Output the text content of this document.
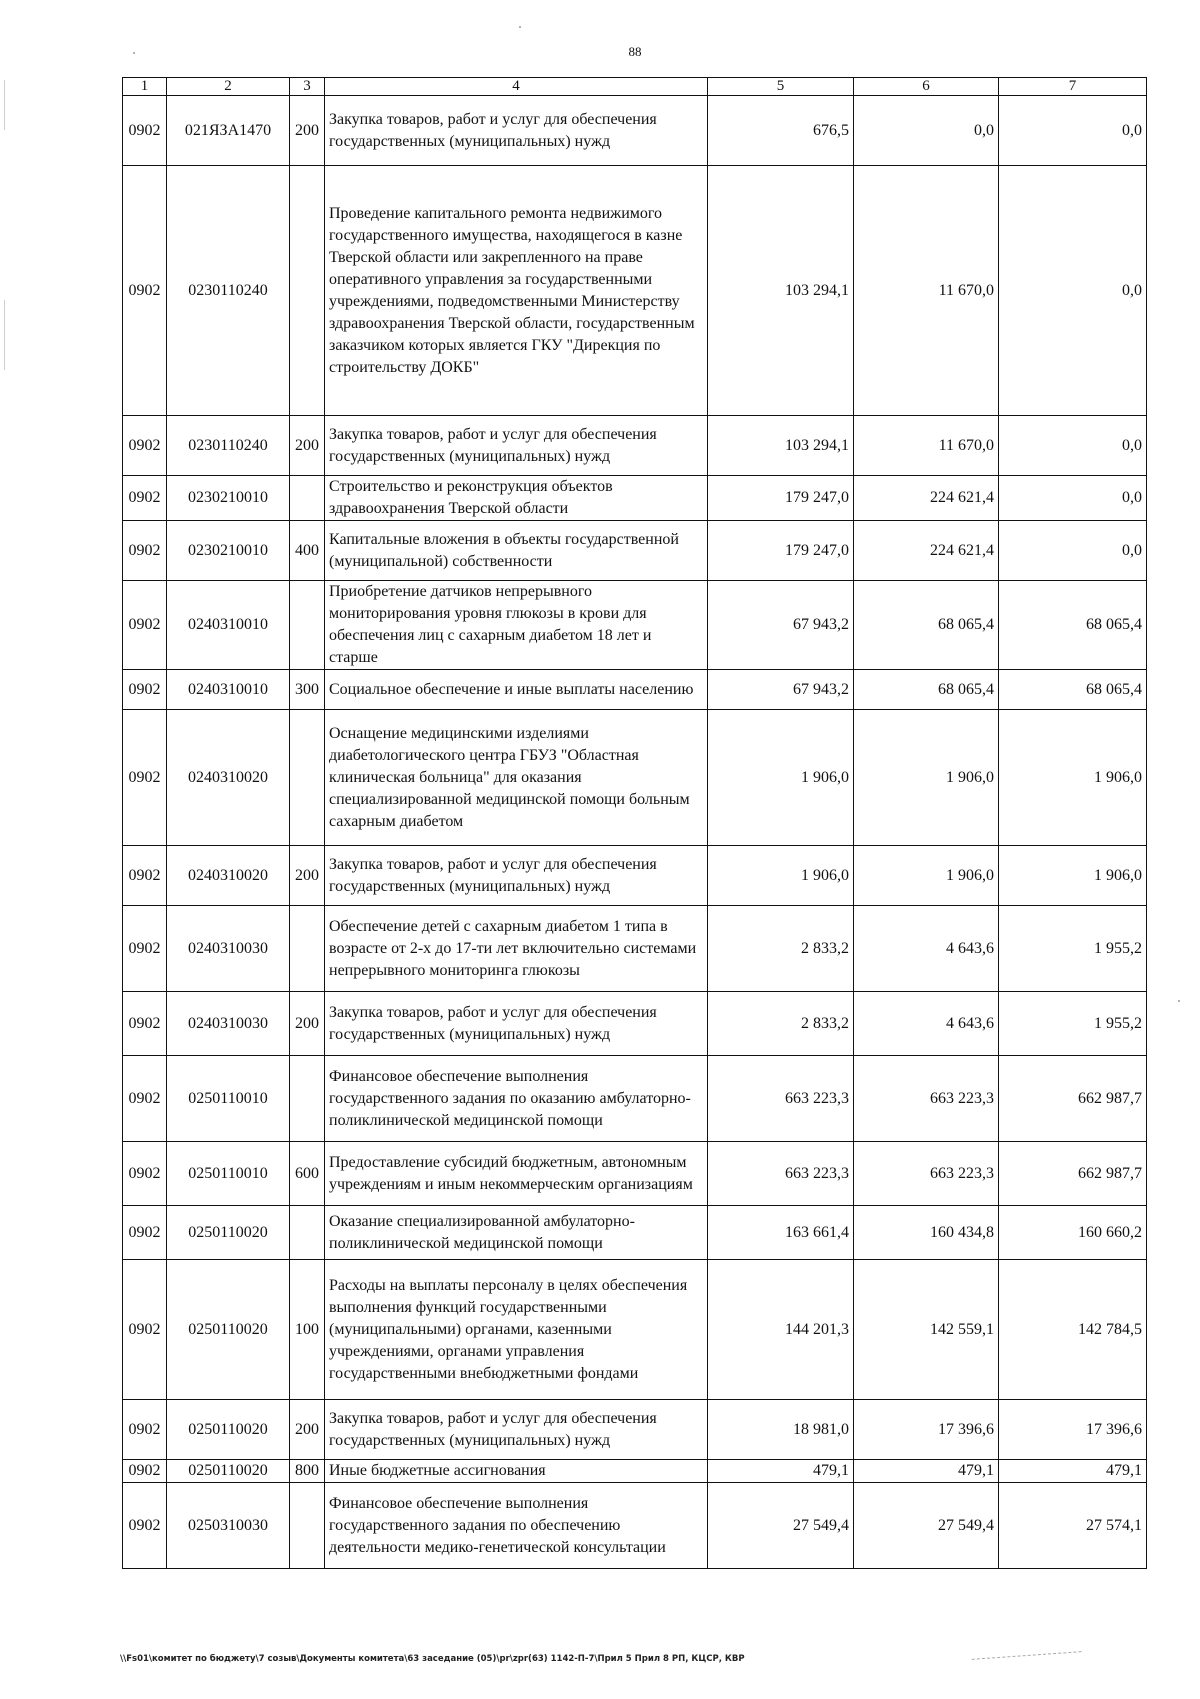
88
1	2	3	4	5	6	7
0902	021ЯЗА1470	200	Закупка товаров, работ и услуг для обеспечения государственных (муниципальных) нужд	676,5	0,0	0,0
0902	0230110240		Проведение капитального ремонта недвижимого государственного имущества, находящегося в казне Тверской области или закрепленного на праве оперативного управления за государственными учреждениями, подведомственными Министерству здравоохранения Тверской области, государственным заказчиком которых является ГКУ "Дирекция по строительству ДОКБ"	103 294,1	11 670,0	0,0
0902	0230110240	200	Закупка товаров, работ и услуг для обеспечения государственных (муниципальных) нужд	103 294,1	11 670,0	0,0
0902	0230210010		Строительство и реконструкция объектов здравоохранения Тверской области	179 247,0	224 621,4	0,0
0902	0230210010	400	Капитальные вложения в объекты государственной (муниципальной) собственности	179 247,0	224 621,4	0,0
0902	0240310010		Приобретение датчиков непрерывного мониторирования уровня глюкозы в крови для обеспечения лиц с сахарным диабетом 18 лет и старше	67 943,2	68 065,4	68 065,4
0902	0240310010	300	Социальное обеспечение и иные выплаты населению	67 943,2	68 065,4	68 065,4
0902	0240310020		Оснащение медицинскими изделиями диабетологического центра ГБУЗ "Областная клиническая больница" для оказания специализированной медицинской помощи больным сахарным диабетом	1 906,0	1 906,0	1 906,0
0902	0240310020	200	Закупка товаров, работ и услуг для обеспечения государственных (муниципальных) нужд	1 906,0	1 906,0	1 906,0
0902	0240310030		Обеспечение детей с сахарным диабетом 1 типа в возрасте от 2-х до 17-ти лет включительно системами непрерывного мониторинга глюкозы	2 833,2	4 643,6	1 955,2
0902	0240310030	200	Закупка товаров, работ и услуг для обеспечения государственных (муниципальных) нужд	2 833,2	4 643,6	1 955,2
0902	0250110010		Финансовое обеспечение выполнения государственного задания по оказанию амбулаторно-поликлинической медицинской помощи	663 223,3	663 223,3	662 987,7
0902	0250110010	600	Предоставление субсидий бюджетным, автономным учреждениям и иным некоммерческим организациям	663 223,3	663 223,3	662 987,7
0902	0250110020		Оказание специализированной амбулаторно-поликлинической медицинской помощи	163 661,4	160 434,8	160 660,2
0902	0250110020	100	Расходы на выплаты персоналу в целях обеспечения выполнения функций государственными (муниципальными) органами, казенными учреждениями, органами управления государственными внебюджетными фондами	144 201,3	142 559,1	142 784,5
0902	0250110020	200	Закупка товаров, работ и услуг для обеспечения государственных (муниципальных) нужд	18 981,0	17 396,6	17 396,6
0902	0250110020	800	Иные бюджетные ассигнования	479,1	479,1	479,1
0902	0250310030		Финансовое обеспечение выполнения государственного задания по обеспечению деятельности медико-генетической консультации	27 549,4	27 549,4	27 574,1
\\Fs01\комитет по бюджету\7 созыв\Документы комитета\63 заседание (05)\pr\zpr(63) 1142-П-7\Прил 5 Прил 8 РП, КЦСР, КВР
